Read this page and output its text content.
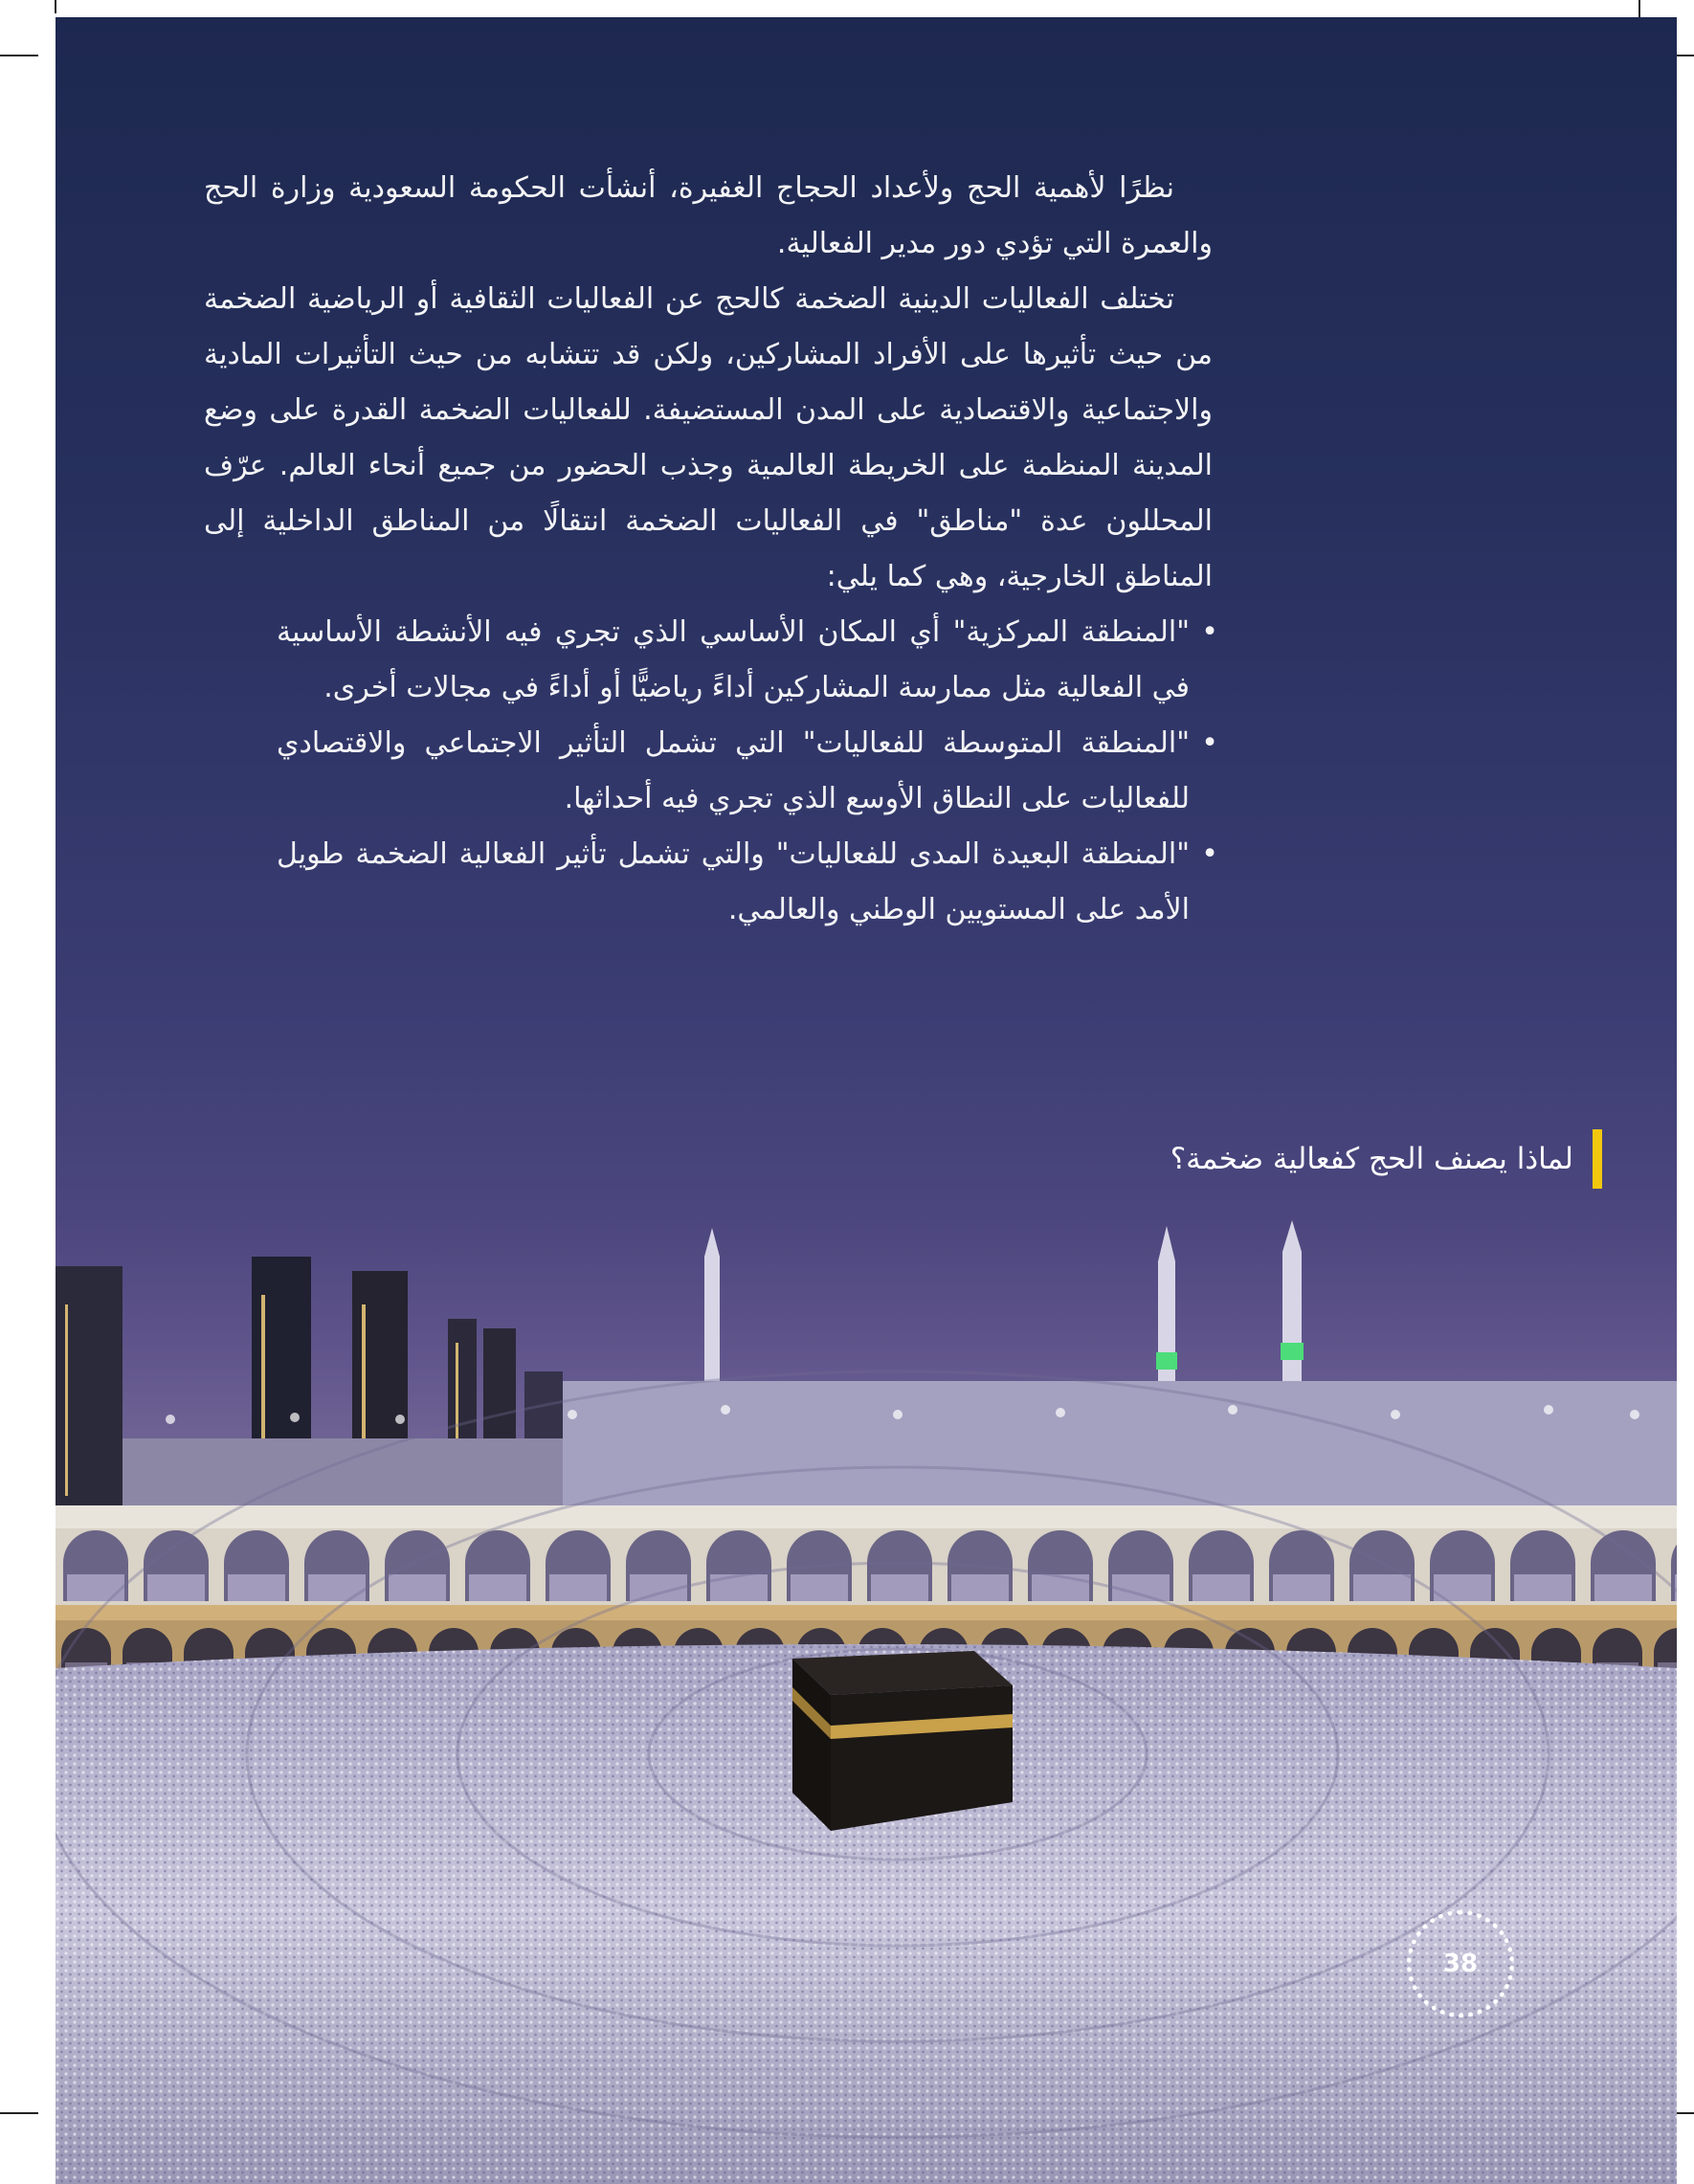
نظرًا لأهمية الحج ولأعداد الحجاج الغفيرة، أنشأت الحكومة السعودية وزارة الحج والعمرة التي تؤدي دور مدير الفعالية.

تختلف الفعاليات الدينية الضخمة كالحج عن الفعاليات الثقافية أو الرياضية الضخمة من حيث تأثيرها على الأفراد المشاركين، ولكن قد تتشابه من حيث التأثيرات المادية والاجتماعية والاقتصادية على المدن المستضيفة. للفعاليات الضخمة القدرة على وضع المدينة المنظمة على الخريطة العالمية وجذب الحضور من جميع أنحاء العالم. عرّف المحللون عدة "مناطق" في الفعاليات الضخمة انتقالًا من المناطق الداخلية إلى المناطق الخارجية، وهي كما يلي:

• "المنطقة المركزية" أي المكان الأساسي الذي تجري فيه الأنشطة الأساسية في الفعالية مثل ممارسة المشاركين أداءً رياضيًّا أو أداءً في مجالات أخرى.
• "المنطقة المتوسطة للفعاليات" التي تشمل التأثير الاجتماعي والاقتصادي للفعاليات على النطاق الأوسع الذي تجري فيه أحداثها.
• "المنطقة البعيدة المدى للفعاليات" والتي تشمل تأثير الفعالية الضخمة طويل الأمد على المستويين الوطني والعالمي.
لماذا يصنف الحج كفعالية ضخمة؟
38
